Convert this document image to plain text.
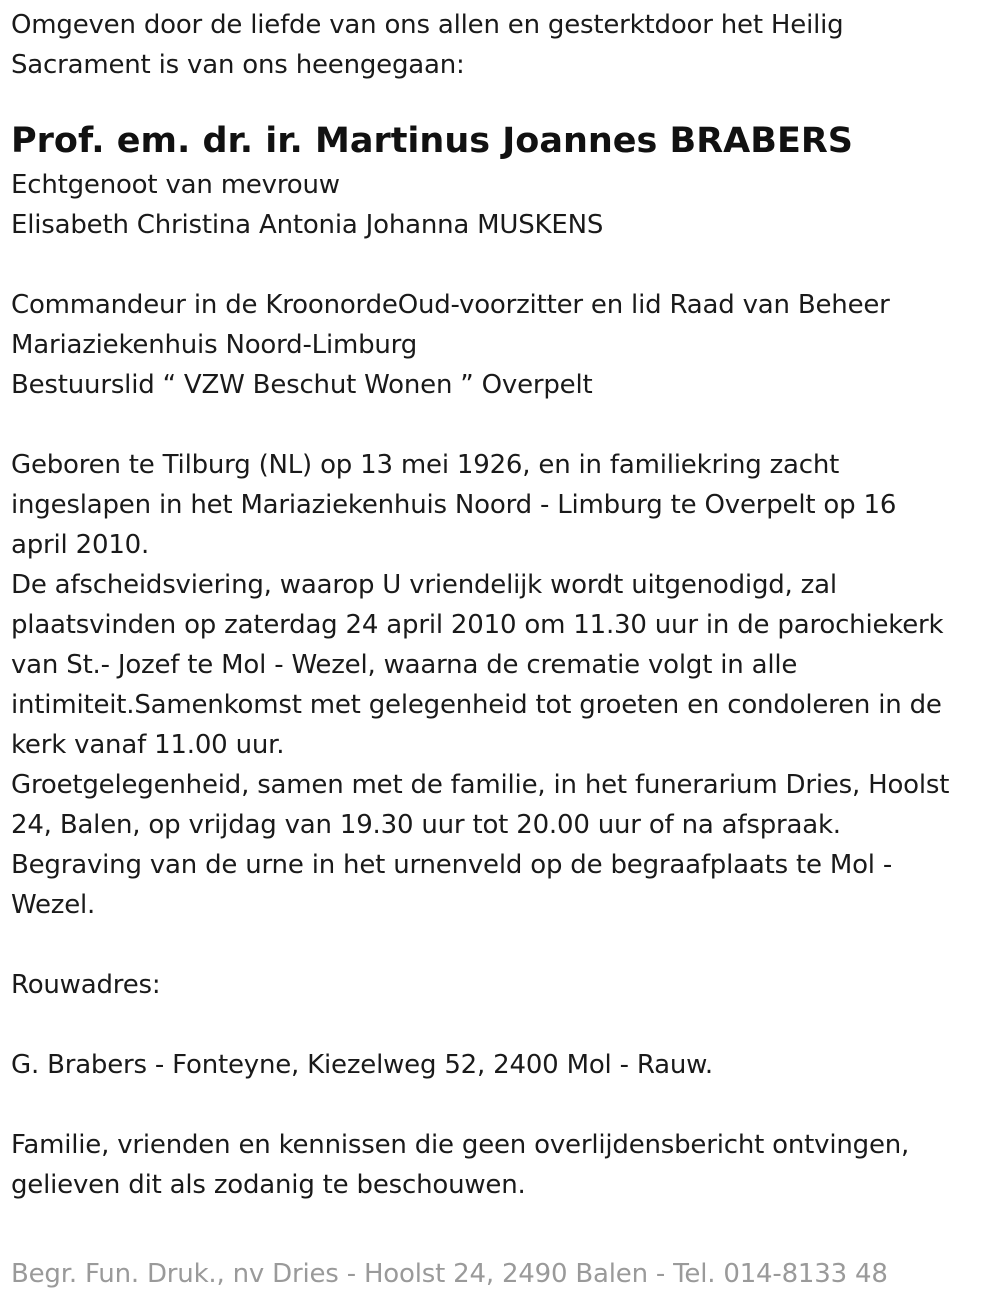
Omgeven door de liefde van ons allen en gesterktdoor het Heilig
Sacrament is van ons heengegaan:
Prof. em. dr. ir. Martinus Joannes BRABERS
Echtgenoot van mevrouw
Elisabeth Christina Antonia Johanna MUSKENS
Commandeur in de KroonordeOud-voorzitter en lid Raad van Beheer
Mariaziekenhuis Noord-Limburg
Bestuurslid “ VZW Beschut Wonen ” Overpelt
Geboren te Tilburg (NL) op 13 mei 1926, en in familiekring zacht
ingeslapen in het Mariaziekenhuis Noord - Limburg te Overpelt op 16
april 2010.
De afscheidsviering, waarop U vriendelijk wordt uitgenodigd, zal
plaatsvinden op zaterdag 24 april 2010 om 11.30 uur in de parochiekerk
van St.- Jozef te Mol - Wezel, waarna de crematie volgt in alle
intimiteit.Samenkomst met gelegenheid tot groeten en condoleren in de
kerk vanaf 11.00 uur.
Groetgelegenheid, samen met de familie, in het funerarium Dries, Hoolst
24, Balen, op vrijdag van 19.30 uur tot 20.00 uur of na afspraak.
Begraving van de urne in het urnenveld op de begraafplaats te Mol -
Wezel.
Rouwadres:
G. Brabers - Fonteyne, Kiezelweg 52, 2400 Mol - Rauw.
Familie, vrienden en kennissen die geen overlijdensbericht ontvingen,
gelieven dit als zodanig te beschouwen.
Begr. Fun. Druk., nv Dries - Hoolst 24, 2490 Balen - Tel. 014-8133 48
